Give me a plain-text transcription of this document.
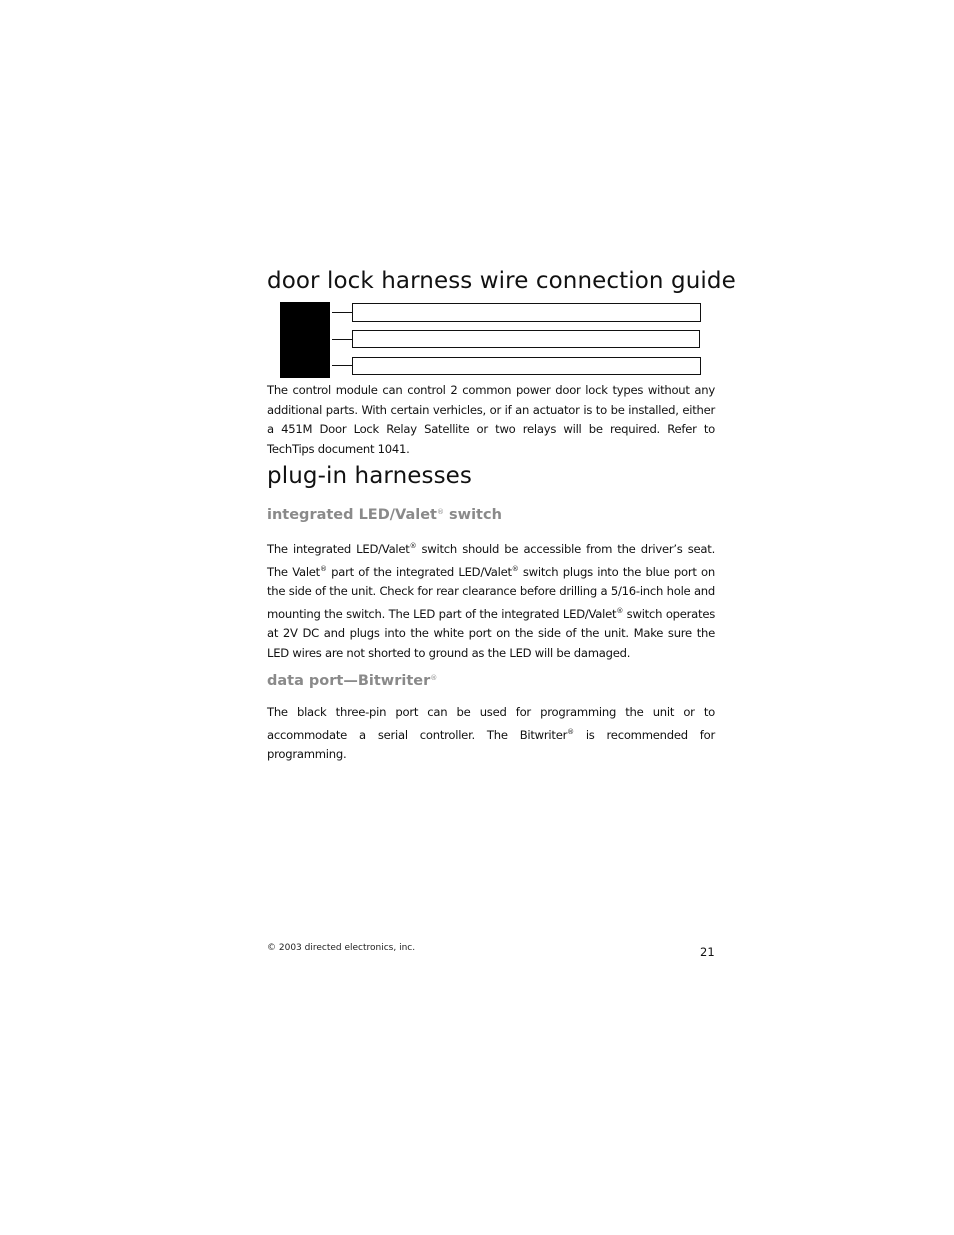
door lock harness wire connection guide

The control module can control 2 common power door lock types without any additional parts. With certain verhicles, or if an actuator is to be installed, either a 451M Door Lock Relay Satellite or two relays will be required. Refer to TechTips document 1041.

plug-in harnesses
integrated LED/Valet® switch

The integrated LED/Valet® switch should be accessible from the driver’s seat. The Valet® part of the integrated LED/Valet® switch plugs into the blue port on the side of the unit. Check for rear clearance before drilling a 5/16-inch hole and mounting the switch. The LED part of the integrated LED/Valet® switch operates at 2V DC and plugs into the white port on the side of the unit. Make sure the LED wires are not shorted to ground as the LED will be damaged.

data port—Bitwriter®

The black three-pin port can be used for programming the unit or to accommodate a serial controller. The Bitwriter® is recommended for programming.

© 2003 directed electronics, inc.	21
